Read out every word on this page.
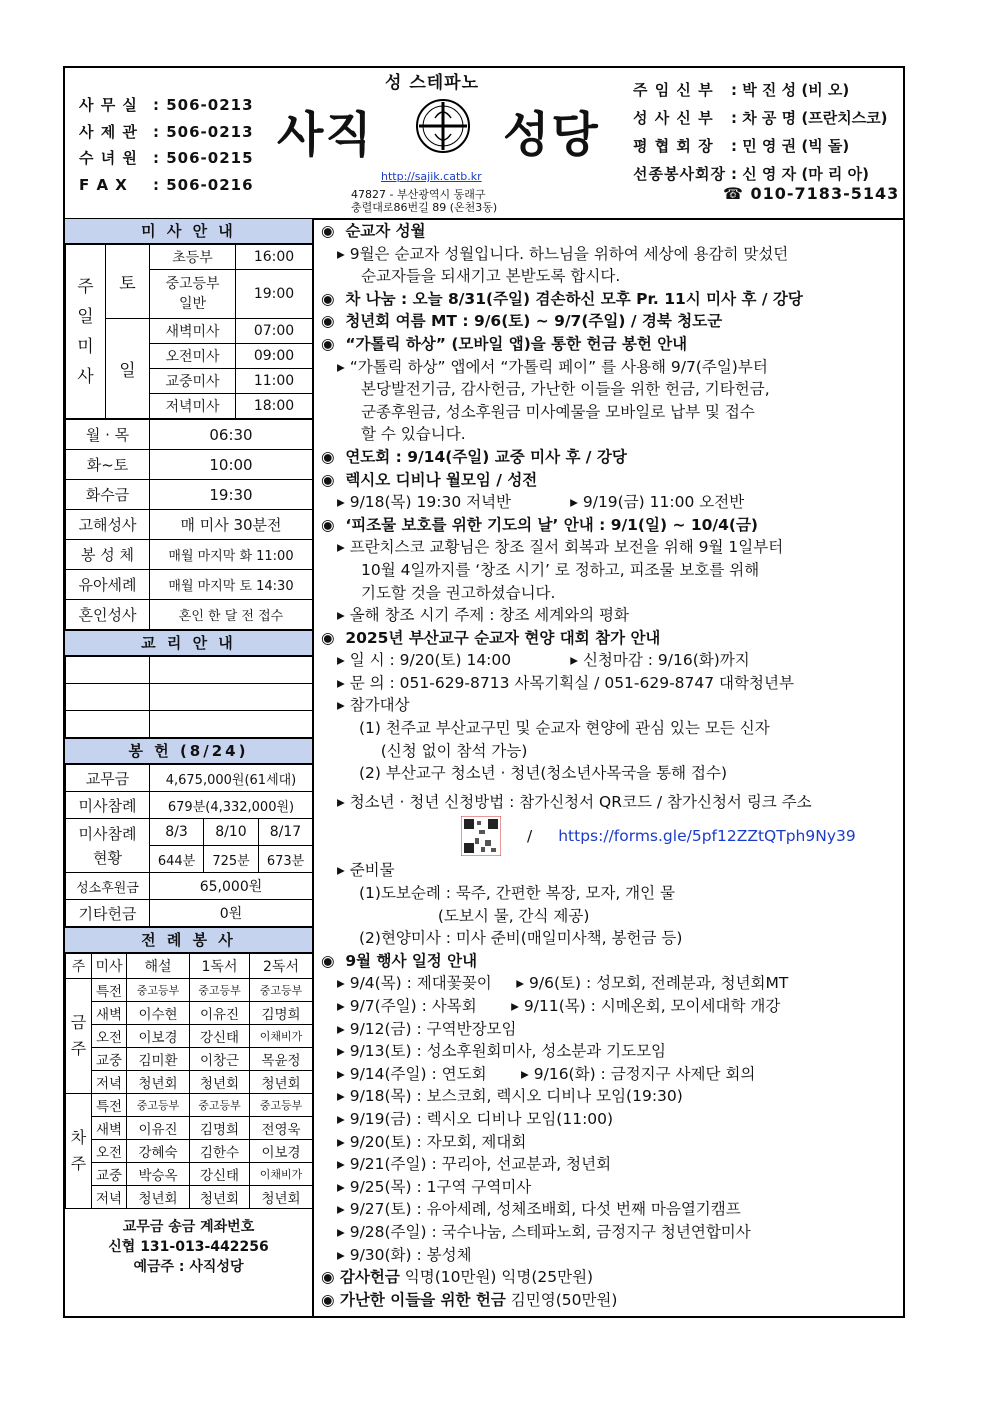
사 무 실 : 506-0213
사 제 관 : 506-0213
수 녀 원 : 506-0215
F A X : 506-0216
성 스테파노
사직	성당
http://sajik.catb.kr
47827 - 부산광역시 동래구
충렬대로86번길 89 (온천3동)
주 임 신 부	: 박 진 성 (비 오)
성 사 신 부	: 차 공 명 (프란치스코)
평 협 회 장	: 민 영 권 (빅 돌)
선종봉사회장 : 신 영 자 (마 리 아)
☎ 010-7183-5143
미 사 안 내
주
일
미
사	토	초등부	16:00
		중고등부
일반	19:00
	일	새벽미사	07:00
		오전미사	09:00
		교중미사	11:00
		저녁미사	18:00
월 · 목	06:30
화~토	10:00
화수금	19:30
고해성사	매 미사 30분전
봉 성 체	매월 마지막 화 11:00
유아세례	매월 마지막 토 14:30
혼인성사	혼인 한 달 전 접수
교 리 안 내

봉 헌 (8/24)
교무금	4,675,000원(61세대)		
미사참례	679분(4,332,000원)		
미사참례
현황	8/3	8/10	8/17
	644분	725분	673분
성소후원금	65,000원		
기타헌금	0원		
전 례 봉 사
주	미사	해설	1독서	2독서

금
주	특전	중고등부	중고등부	중고등부
	새벽	이수현	이유진	김명희
	오전	이보경	강신태	이채비가
	교중	김미환	이창근	목윤정
	저녁	청년회	청년회	청년회

차
주	특전	중고등부	중고등부	중고등부
	새벽	이유진	김명희	전영욱
	오전	강혜숙	김한수	이보경
	교중	박승옥	강신태	이채비가
	저녁	청년회	청년회	청년회
교무금 송금 계좌번호
신협 131-013-442256
예금주 : 사직성당
◉  순교자 성월
▸ 9월은 순교자 성월입니다. 하느님을 위하여 세상에 용감히 맞섰던
순교자들을 되새기고 본받도록 합시다.
◉  차 나눔 : 오늘 8/31(주일) 겸손하신 모후 Pr. 11시 미사 후 / 강당
◉  청년회 여름 MT : 9/6(토) ~ 9/7(주일) / 경북 청도군
◉  “가톨릭 하상” (모바일 앱)을 통한 헌금 봉헌 안내
▸ “가톨릭 하상” 앱에서 “가톨릭 페이” 를 사용해 9/7(주일)부터
본당발전기금, 감사헌금, 가난한 이들을 위한 헌금, 기타헌금,
군종후원금, 성소후원금 미사예물을 모바일로 납부 및 접수
할 수 있습니다.
◉  연도회 : 9/14(주일) 교중 미사 후 / 강당
◉  렉시오 디비나 월모임 / 성전
▸ 9/18(목) 19:30 저녁반            ▸ 9/19(금) 11:00 오전반
◉  ‘피조물 보호를 위한 기도의 날’ 안내 : 9/1(일) ~ 10/4(금)
▸ 프란치스코 교황님은 창조 질서 회복과 보전을 위해 9월 1일부터
10월 4일까지를 ‘창조 시기’ 로 정하고, 피조물 보호를 위해
기도할 것을 권고하셨습니다.
▸ 올해 창조 시기 주제 : 창조 세계와의 평화
◉  2025년 부산교구 순교자 현양 대회 참가 안내
▸ 일 시 : 9/20(토) 14:00            ▸ 신청마감 : 9/16(화)까지
▸ 문 의 : 051-629-8713 사목기획실 / 051-629-8747 대학청년부
▸ 참가대상
(1) 천주교 부산교구민 및 순교자 현양에 관심 있는 모든 신자
(신청 없이 참석 가능)
(2) 부산교구 청소년 · 청년(청소년사목국을 통해 접수)
▸ 청소년 · 청년 신청방법 : 참가신청서 QR코드 / 참가신청서 링크 주소
/ https://forms.gle/5pf12ZZtQTph9Ny39
▸ 준비물
(1)도보순례 : 묵주, 간편한 복장, 모자, 개인 물
(도보시 물, 간식 제공)
(2)현양미사 : 미사 준비(매일미사책, 봉헌금 등)
◉  9월 행사 일정 안내
▸ 9/4(목) : 제대꽃꽂이     ▸ 9/6(토) : 성모회, 전례분과, 청년회MT
▸ 9/7(주일) : 사목회       ▸ 9/11(목) : 시메온회, 모이세대학 개강
▸ 9/12(금) : 구역반장모임
▸ 9/13(토) : 성소후원회미사, 성소분과 기도모임
▸ 9/14(주일) : 연도회       ▸ 9/16(화) : 금정지구 사제단 회의
▸ 9/18(목) : 보스코회, 렉시오 디비나 모임(19:30)
▸ 9/19(금) : 렉시오 디비나 모임(11:00)
▸ 9/20(토) : 자모회, 제대회
▸ 9/21(주일) : 꾸리아, 선교분과, 청년회
▸ 9/25(목) : 1구역 구역미사
▸ 9/27(토) : 유아세례, 성체조배회, 다섯 번째 마음열기캠프
▸ 9/28(주일) : 국수나눔, 스테파노회, 금정지구 청년연합미사
▸ 9/30(화) : 봉성체
◉ 감사헌금 익명(10만원) 익명(25만원)
◉ 가난한 이들을 위한 헌금 김민영(50만원)
